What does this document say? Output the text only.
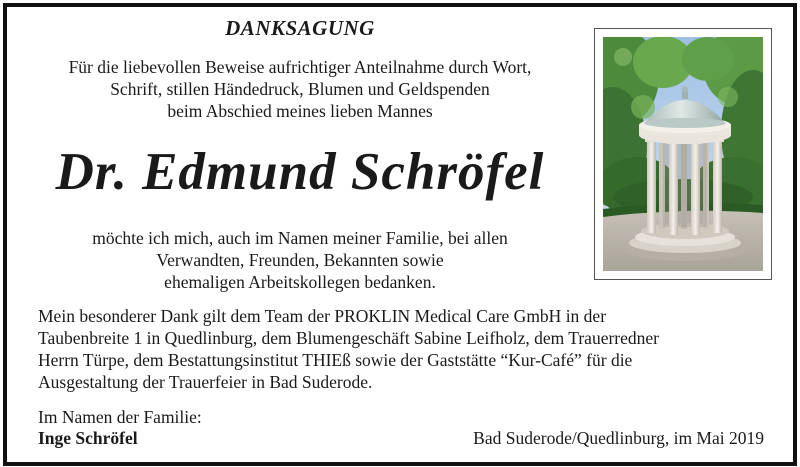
DANKSAGUNG
Für die liebevollen Beweise aufrichtiger Anteilnahme durch Wort,
Schrift, stillen Händedruck, Blumen und Geldspenden
beim Abschied meines lieben Mannes
Dr. Edmund Schröfel
möchte ich mich, auch im Namen meiner Familie, bei allen
Verwandten, Freunden, Bekannten sowie
ehemaligen Arbeitskollegen bedanken.
Mein besonderer Dank gilt dem Team der PROKLIN Medical Care GmbH in der
Taubenbreite 1 in Quedlinburg, dem Blumengeschäft Sabine Leifholz, dem Trauerredner
Herrn Türpe, dem Bestattungsinstitut THIEß sowie der Gaststätte “Kur-Café” für die
Ausgestaltung der Trauerfeier in Bad Suderode.
Im Namen der Familie:
Inge Schröfel	Bad Suderode/Quedlinburg, im Mai 2019
